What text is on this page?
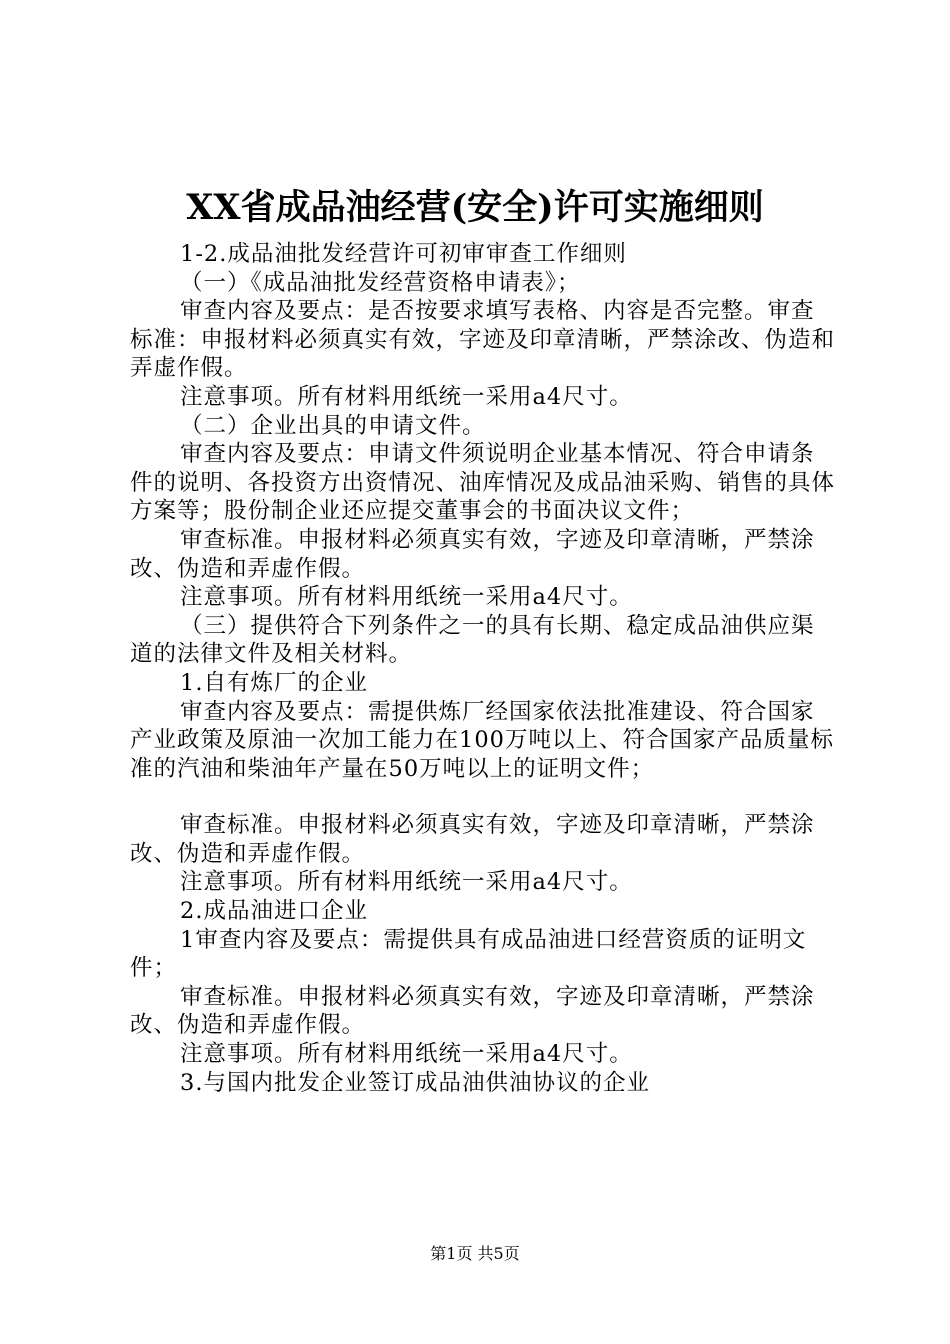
XX省成品油经营(安全)许可实施细则

1-2.成品油批发经营许可初审审查工作细则

（一）《成品油批发经营资格申请表》；

审查内容及要点：是否按要求填写表格、内容是否完整。审查标准：申报材料必须真实有效，字迹及印章清晰，严禁涂改、伪造和弄虚作假。

注意事项。所有材料用纸统一采用a4尺寸。

（二）企业出具的申请文件。

审查内容及要点：申请文件须说明企业基本情况、符合申请条件的说明、各投资方出资情况、油库情况及成品油采购、销售的具体方案等；股份制企业还应提交董事会的书面决议文件；

审查标准。申报材料必须真实有效，字迹及印章清晰，严禁涂改、伪造和弄虚作假。

注意事项。所有材料用纸统一采用a4尺寸。

（三）提供符合下列条件之一的具有长期、稳定成品油供应渠道的法律文件及相关材料。

1.自有炼厂的企业

审查内容及要点：需提供炼厂经国家依法批准建设、符合国家产业政策及原油一次加工能力在100万吨以上、符合国家产品质量标准的汽油和柴油年产量在50万吨以上的证明文件；

审查标准。申报材料必须真实有效，字迹及印章清晰，严禁涂改、伪造和弄虚作假。

注意事项。所有材料用纸统一采用a4尺寸。

2.成品油进口企业

1审查内容及要点：需提供具有成品油进口经营资质的证明文件；

审查标准。申报材料必须真实有效，字迹及印章清晰，严禁涂改、伪造和弄虚作假。

注意事项。所有材料用纸统一采用a4尺寸。

3.与国内批发企业签订成品油供油协议的企业

第1页 共5页
